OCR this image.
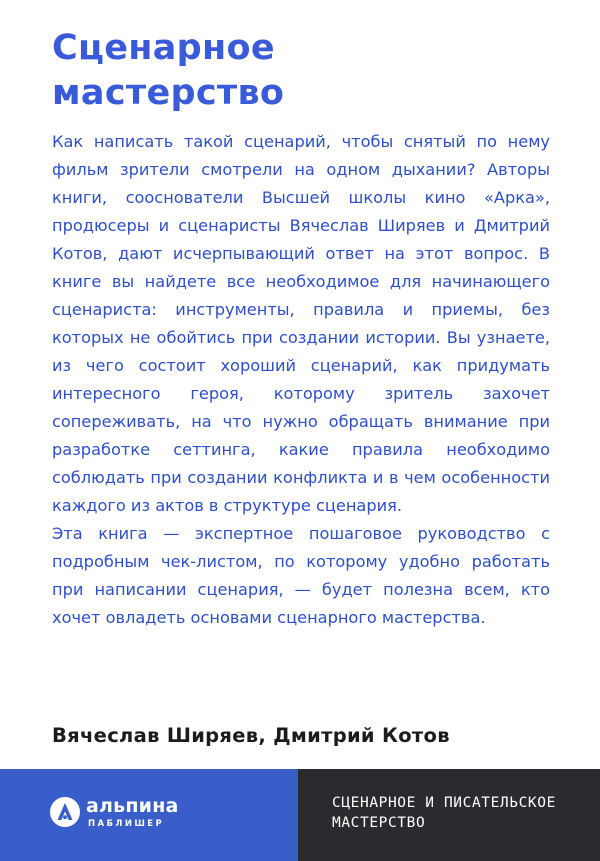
Сценарное
мастерство

Как написать такой сценарий, чтобы снятый по нему фильм зрители смотрели на одном дыхании? Авторы книги, сооснователи Высшей школы кино «Арка», продюсеры и сценаристы Вячеслав Ширяев и Дмитрий Котов, дают исчерпывающий ответ на этот вопрос. В книге вы найдете все необходимое для начинающего сценариста: инструменты, правила и приемы, без которых не обойтись при создании истории. Вы узнаете, из чего состоит хороший сценарий, как придумать интересного героя, которому зритель захочет сопереживать, на что нужно обращать внимание при разработке сеттинга, какие правила необходимо соблюдать при создании конфликта и в чем особенности каждого из актов в структуре сценария.

Эта книга — экспертное пошаговое руководство с подробным чек-листом, по которому удобно работать при написании сценария, — будет полезна всем, кто хочет овладеть основами сценарного мастерства.

Вячеслав Ширяев, Дмитрий Котов
альпина
ПАБЛИШЕР
СЦЕНАРНОЕ И ПИСАТЕЛЬСКОЕ
МАСТЕРСТВО
